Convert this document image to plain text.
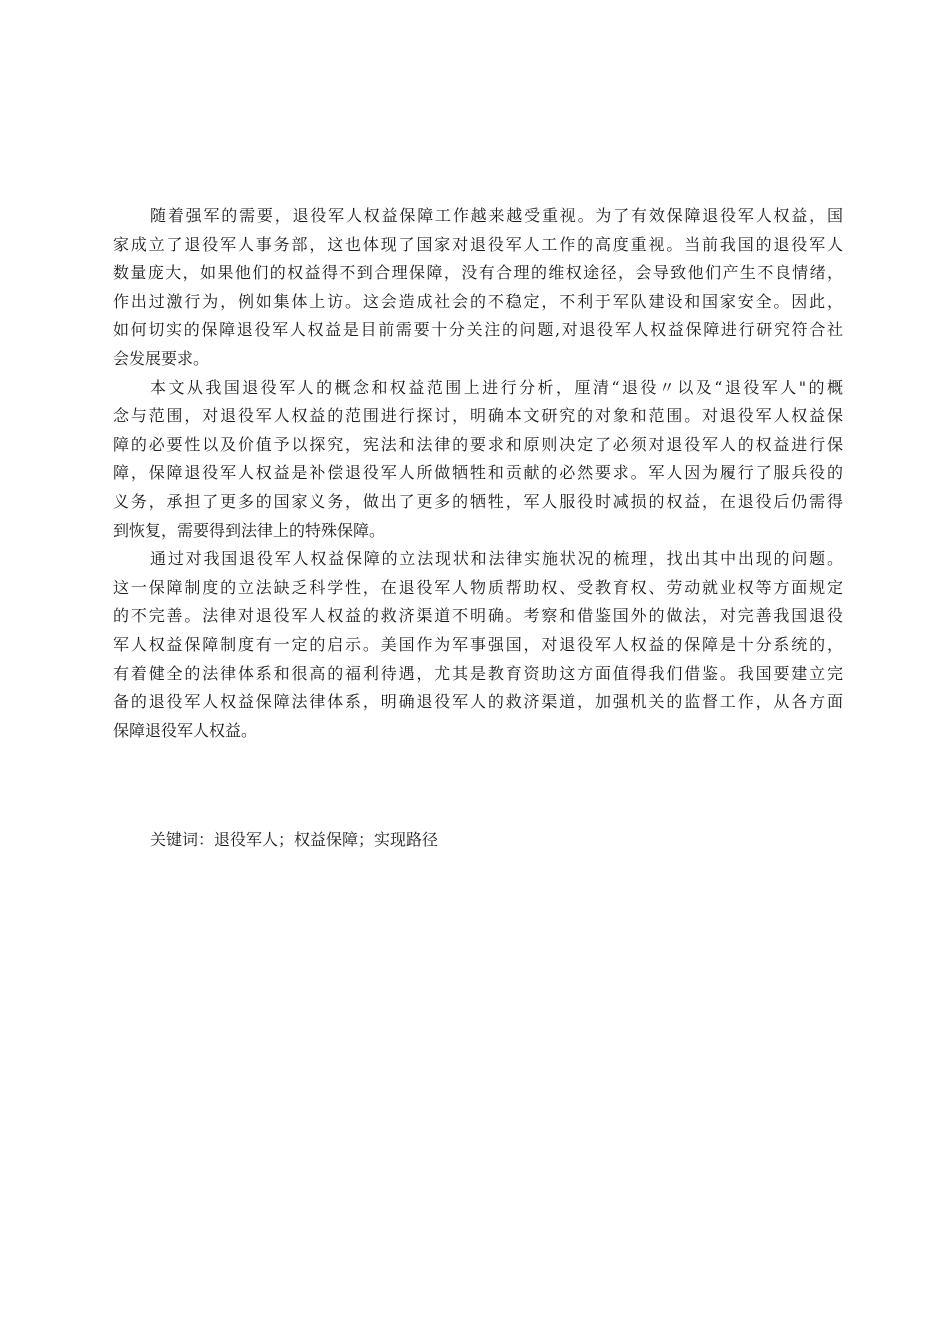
随着强军的需要，退役军人权益保障工作越来越受重视。为了有效保障退役军人权益，国
家成立了退役军人事务部，这也体现了国家对退役军人工作的高度重视。当前我国的退役军人
数量庞大，如果他们的权益得不到合理保障，没有合理的维权途径，会导致他们产生不良情绪，
作出过激行为，例如集体上访。这会造成社会的不稳定，不利于军队建设和国家安全。因此，
如何切实的保障退役军人权益是目前需要十分关注的问题,对退役军人权益保障进行研究符合社
会发展要求。
本文从我国退役军人的概念和权益范围上进行分析，厘清“退役〃以及“退役军人"的概
念与范围，对退役军人权益的范围进行探讨，明确本文研究的对象和范围。对退役军人权益保
障的必要性以及价值予以探究，宪法和法律的要求和原则决定了必须对退役军人的权益进行保
障，保障退役军人权益是补偿退役军人所做牺牲和贡献的必然要求。军人因为履行了服兵役的
义务，承担了更多的国家义务，做出了更多的牺牲，军人服役时减损的权益，在退役后仍需得
到恢复，需要得到法律上的特殊保障。
通过对我国退役军人权益保障的立法现状和法律实施状况的梳理，找出其中出现的问题。
这一保障制度的立法缺乏科学性，在退役军人物质帮助权、受教育权、劳动就业权等方面规定
的不完善。法律对退役军人权益的救济渠道不明确。考察和借鉴国外的做法，对完善我国退役
军人权益保障制度有一定的启示。美国作为军事强国，对退役军人权益的保障是十分系统的，
有着健全的法律体系和很高的福利待遇，尤其是教育资助这方面值得我们借鉴。我国要建立完
备的退役军人权益保障法律体系，明确退役军人的救济渠道，加强机关的监督工作，从各方面
保障退役军人权益。
关键词：退役军人；权益保障；实现路径
